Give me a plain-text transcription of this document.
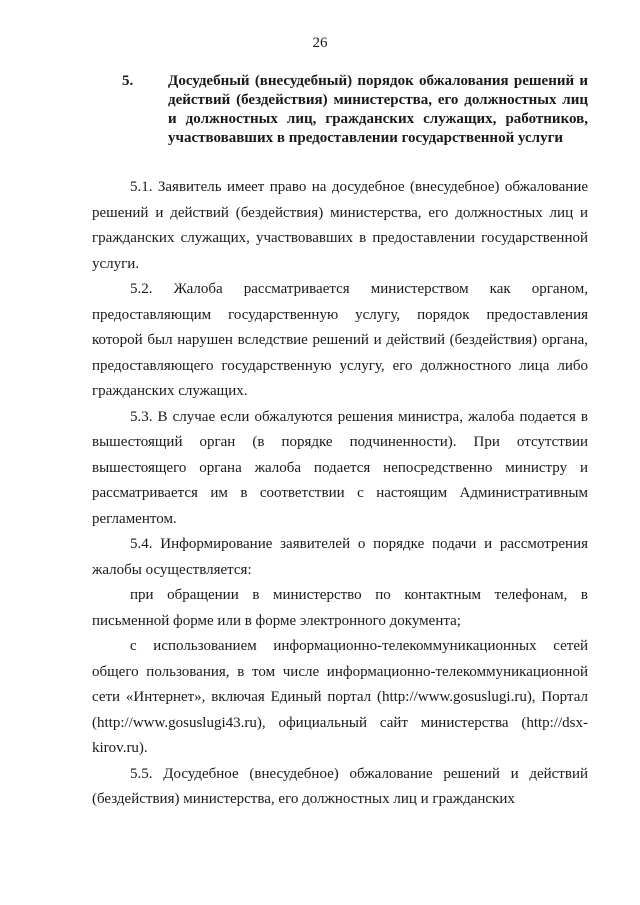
26
5. Досудебный (внесудебный) порядок обжалования решений и действий (бездействия) министерства, его должностных лиц и должностных лиц, гражданских служащих, работников, участвовавших в предоставлении государственной услуги

5.1. Заявитель имеет право на досудебное (внесудебное) обжалование решений и действий (бездействия) министерства, его должностных лиц и гражданских служащих, участвовавших в предоставлении государственной услуги.

5.2. Жалоба рассматривается министерством как органом, предоставляющим государственную услугу, порядок предоставления которой был нарушен вследствие решений и действий (бездействия) органа, предоставляющего государственную услугу, его должностного лица либо гражданских служащих.

5.3. В случае если обжалуются решения министра, жалоба подается в вышестоящий орган (в порядке подчиненности). При отсутствии вышестоящего органа жалоба подается непосредственно министру и рассматривается им в соответствии с настоящим Административным регламентом.

5.4. Информирование заявителей о порядке подачи и рассмотрения жалобы осуществляется:

при обращении в министерство по контактным телефонам, в письменной форме или в форме электронного документа;

с использованием информационно-телекоммуникационных сетей общего пользования, в том числе информационно-телекоммуникационной сети «Интернет», включая Единый портал (http://www.gosuslugi.ru), Портал (http://www.gosuslugi43.ru), официальный сайт министерства (http://dsx-kirov.ru).

5.5. Досудебное (внесудебное) обжалование решений и действий (бездействия) министерства, его должностных лиц и гражданских
